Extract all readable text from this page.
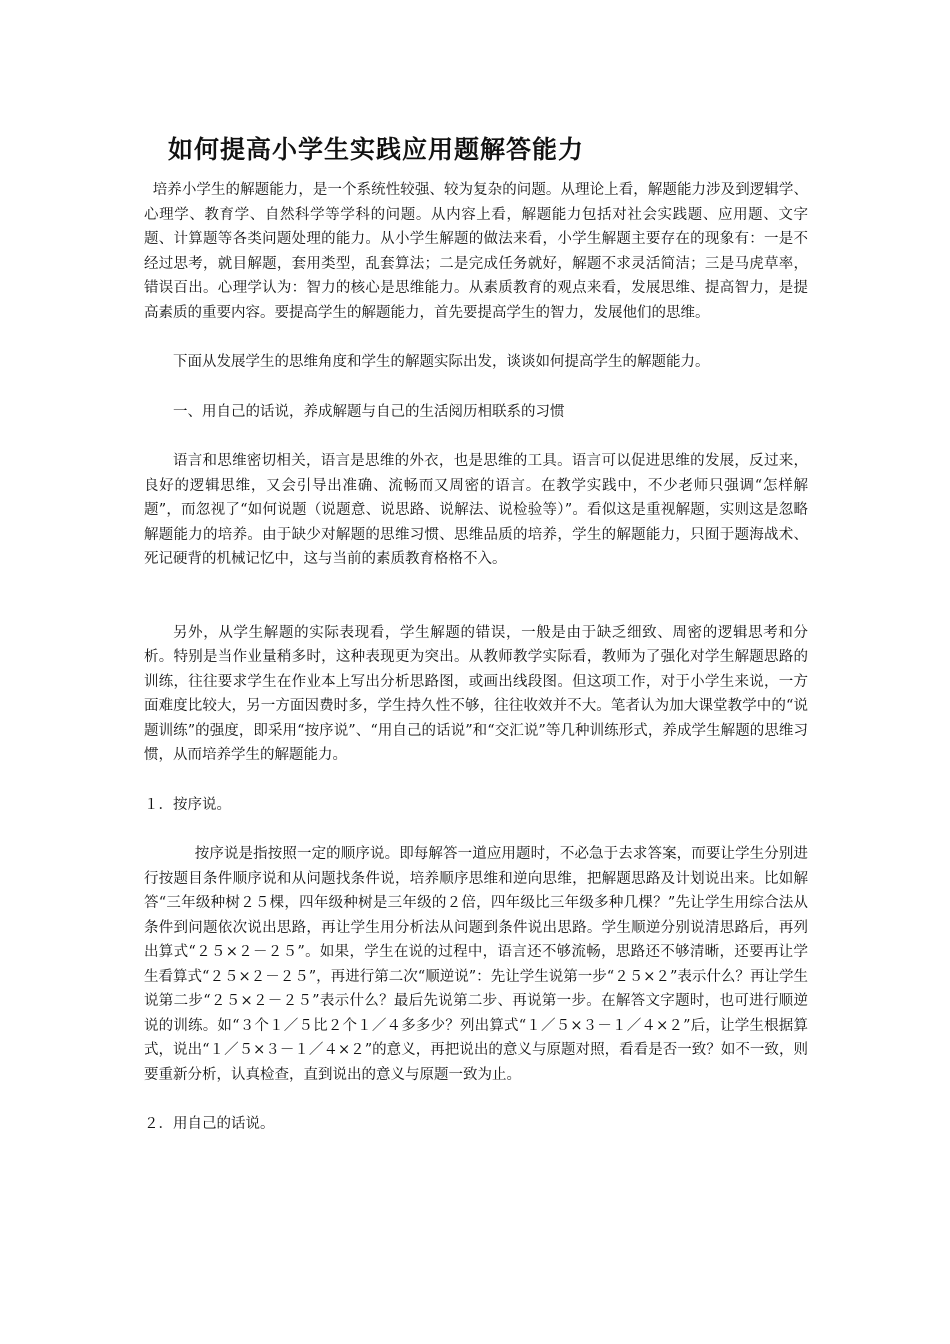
如何提高小学生实践应用题解答能力

培养小学生的解题能力，是一个系统性较强、较为复杂的问题。从理论上看，解题能力涉及到逻辑学、心理学、教育学、自然科学等学科的问题。从内容上看，解题能力包括对社会实践题、应用题、文字题、计算题等各类问题处理的能力。从小学生解题的做法来看，小学生解题主要存在的现象有：一是不经过思考，就目解题，套用类型，乱套算法；二是完成任务就好，解题不求灵活简洁；三是马虎草率，错误百出。心理学认为：智力的核心是思维能力。从素质教育的观点来看，发展思维、提高智力，是提高素质的重要内容。要提高学生的解题能力，首先要提高学生的智力，发展他们的思维。

下面从发展学生的思维角度和学生的解题实际出发，谈谈如何提高学生的解题能力。

一、用自己的话说，养成解题与自己的生活阅历相联系的习惯

语言和思维密切相关，语言是思维的外衣，也是思维的工具。语言可以促进思维的发展，反过来，良好的逻辑思维，又会引导出准确、流畅而又周密的语言。在教学实践中，不少老师只强调“怎样解题”，而忽视了“如何说题（说题意、说思路、说解法、说检验等）”。看似这是重视解题，实则这是忽略解题能力的培养。由于缺少对解题的思维习惯、思维品质的培养，学生的解题能力，只囿于题海战术、死记硬背的机械记忆中，这与当前的素质教育格格不入。

另外，从学生解题的实际表现看，学生解题的错误，一般是由于缺乏细致、周密的逻辑思考和分析。特别是当作业量稍多时，这种表现更为突出。从教师教学实际看，教师为了强化对学生解题思路的训练，往往要求学生在作业本上写出分析思路图，或画出线段图。但这项工作，对于小学生来说，一方面难度比较大，另一方面因费时多，学生持久性不够，往往收效并不大。笔者认为加大课堂教学中的“说题训练”的强度，即采用“按序说”、“用自己的话说”和“交汇说”等几种训练形式，养成学生解题的思维习惯，从而培养学生的解题能力。

１．按序说。

按序说是指按照一定的顺序说。即每解答一道应用题时，不必急于去求答案，而要让学生分别进行按题目条件顺序说和从问题找条件说，培养顺序思维和逆向思维，把解题思路及计划说出来。比如解答“三年级种树２５棵，四年级种树是三年级的２倍，四年级比三年级多种几棵？”先让学生用综合法从条件到问题依次说出思路，再让学生用分析法从问题到条件说出思路。学生顺逆分别说清思路后，再列出算式“２５×２－２５”。如果，学生在说的过程中，语言还不够流畅，思路还不够清晰，还要再让学生看算式“２５×２－２５”，再进行第二次“顺逆说”：先让学生说第一步“２５×２”表示什么？再让学生说第二步“２５×２－２５”表示什么？最后先说第二步、再说第一步。在解答文字题时，也可进行顺逆说的训练。如“３个１／５比２个１／４多多少？列出算式“１／５×３－１／４×２”后，让学生根据算式，说出“１／５×３－１／４×２”的意义，再把说出的意义与原题对照，看看是否一致？如不一致，则要重新分析，认真检查，直到说出的意义与原题一致为止。

２．用自己的话说。
